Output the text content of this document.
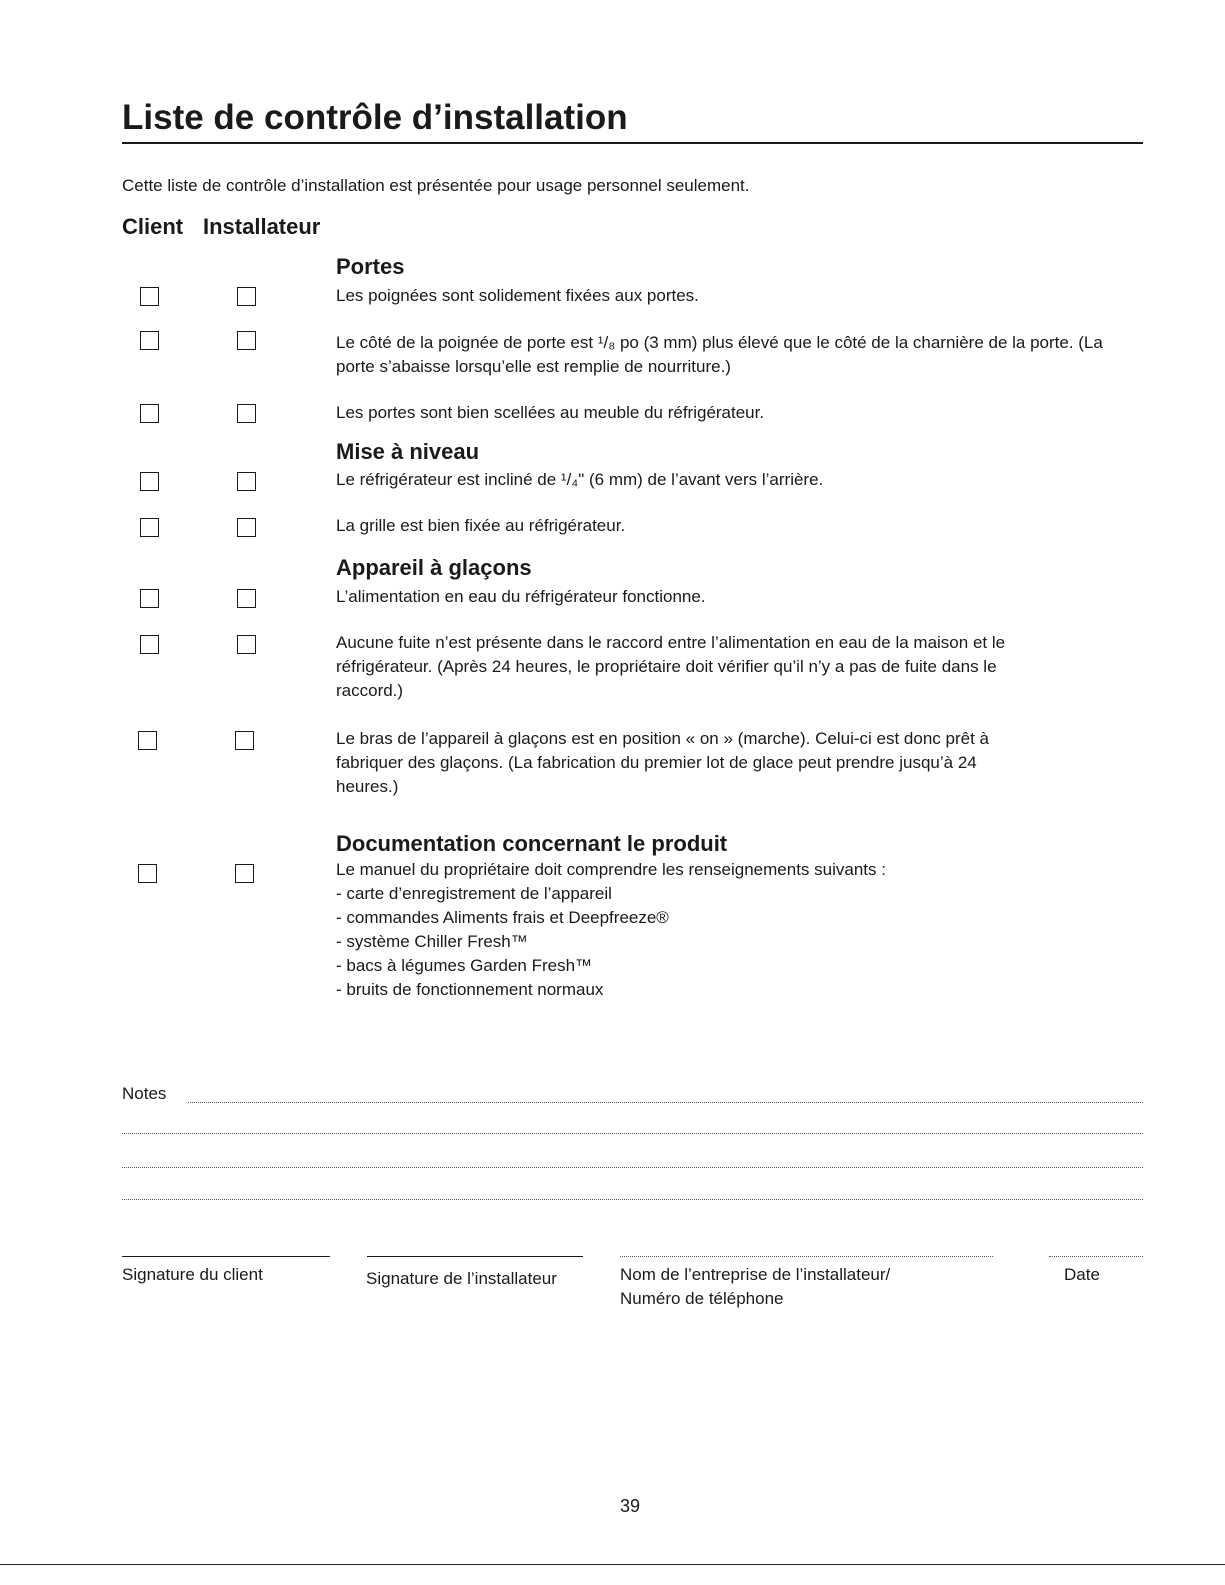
Liste de contrôle d’installation
Cette liste de contrôle d’installation est présentée pour usage personnel seulement.
Client Installateur
Portes
Les poignées sont solidement fixées aux portes.
Le côté de la poignée de porte est ¹/₈ po (3 mm) plus élevé que le côté de la charnière de la porte. (La porte s’abaisse lorsqu’elle est remplie de nourriture.)
Les portes sont bien scellées au meuble du réfrigérateur.
Mise à niveau
Le réfrigérateur est incliné de ¹/₄" (6 mm) de l’avant vers l’arrière.
La grille est bien fixée au réfrigérateur.
Appareil à glaçons
L’alimentation en eau du réfrigérateur fonctionne.
Aucune fuite n’est présente dans le raccord entre l’alimentation en eau de la maison et le réfrigérateur. (Après 24 heures, le propriétaire doit vérifier qu’il n’y a pas de fuite dans le raccord.)
Le bras de l’appareil à glaçons est en position « on » (marche). Celui-ci est donc prêt à fabriquer des glaçons. (La fabrication du premier lot de glace peut prendre jusqu’à 24 heures.)
Documentation concernant le produit
Le manuel du propriétaire doit comprendre les renseignements suivants :
- carte d’enregistrement de l’appareil
- commandes Aliments frais et Deepfreeze®
- système Chiller Fresh™
- bacs à légumes Garden Fresh™
- bruits de fonctionnement normaux
Notes
Signature du client	Signature de l’installateur	Nom de l’entreprise de l’installateur/
Numéro de téléphone
Date
39
